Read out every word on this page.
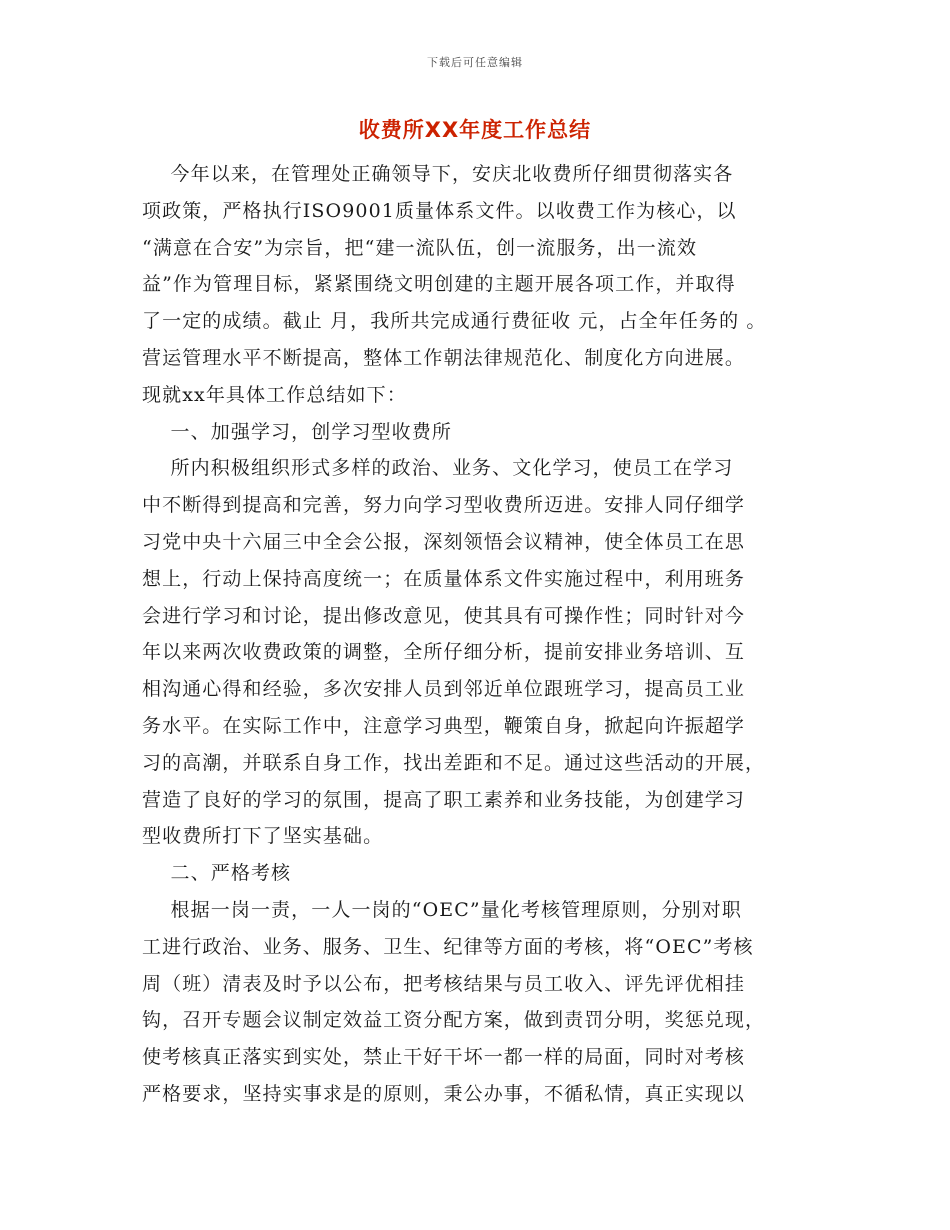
下载后可任意编辑
收费所XX年度工作总结
今年以来，在管理处正确领导下，安庆北收费所仔细贯彻落实各
项政策，严格执行ISO9001质量体系文件。以收费工作为核心，以
“满意在合安”为宗旨，把“建一流队伍，创一流服务，出一流效
益”作为管理目标，紧紧围绕文明创建的主题开展各项工作，并取得
了一定的成绩。截止 月，我所共完成通行费征收 元，占全年任务的 。
营运管理水平不断提高，整体工作朝法律规范化、制度化方向进展。
现就xx年具体工作总结如下：
一、加强学习，创学习型收费所
所内积极组织形式多样的政治、业务、文化学习，使员工在学习
中不断得到提高和完善，努力向学习型收费所迈进。安排人同仔细学
习党中央十六届三中全会公报，深刻领悟会议精神，使全体员工在思
想上，行动上保持高度统一；在质量体系文件实施过程中，利用班务
会进行学习和讨论，提出修改意见，使其具有可操作性；同时针对今
年以来两次收费政策的调整，全所仔细分析，提前安排业务培训、互
相沟通心得和经验，多次安排人员到邻近单位跟班学习，提高员工业
务水平。在实际工作中，注意学习典型，鞭策自身，掀起向许振超学
习的高潮，并联系自身工作，找出差距和不足。通过这些活动的开展，
营造了良好的学习的氛围，提高了职工素养和业务技能，为创建学习
型收费所打下了坚实基础。
二、严格考核
根据一岗一责，一人一岗的“OEC”量化考核管理原则，分别对职
工进行政治、业务、服务、卫生、纪律等方面的考核，将“OEC”考核
周（班）清表及时予以公布，把考核结果与员工收入、评先评优相挂
钩，召开专题会议制定效益工资分配方案，做到责罚分明，奖惩兑现，
使考核真正落实到实处，禁止干好干坏一都一样的局面，同时对考核
严格要求，坚持实事求是的原则，秉公办事，不循私情，真正实现以
